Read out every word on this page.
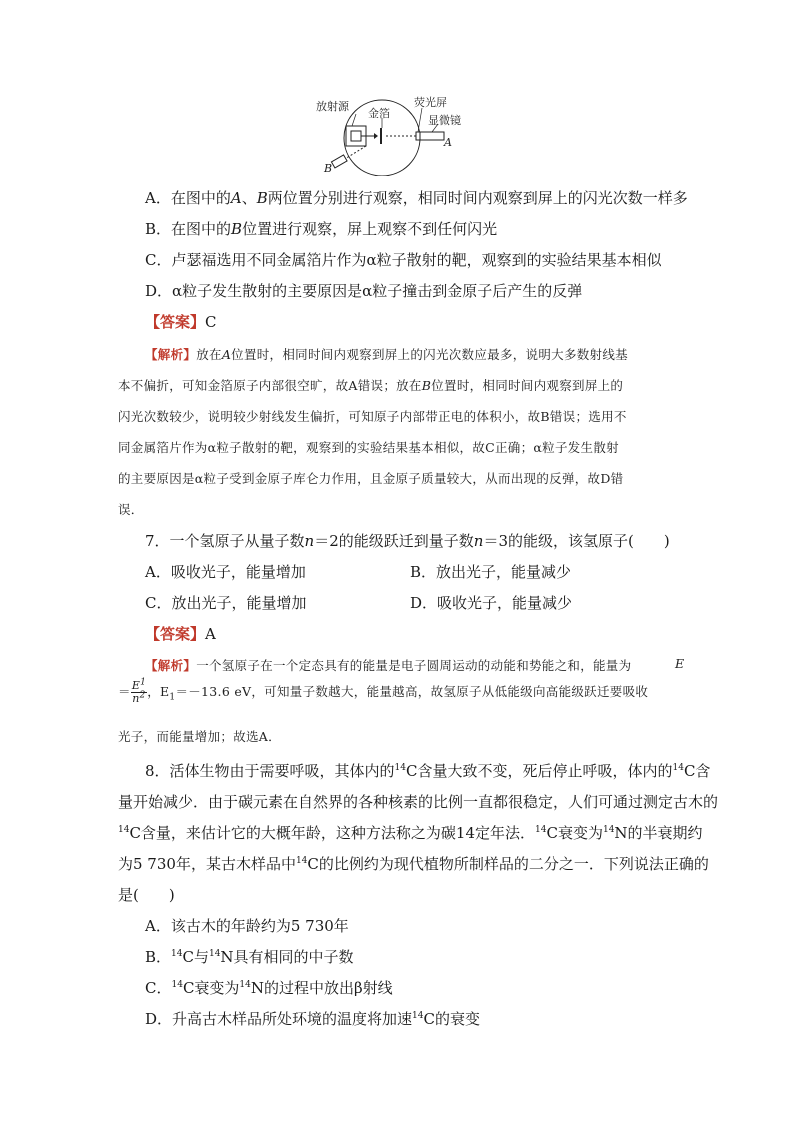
放射源
金箔
荧光屏
显微镜
A
B
A．在图中的A、B两位置分别进行观察，相同时间内观察到屏上的闪光次数一样多
B．在图中的B位置进行观察，屏上观察不到任何闪光
C．卢瑟福选用不同金属箔片作为α粒子散射的靶，观察到的实验结果基本相似
D．α粒子发生散射的主要原因是α粒子撞击到金原子后产生的反弹
【答案】C
【解析】放在A位置时，相同时间内观察到屏上的闪光次数应最多，说明大多数射线基
本不偏折，可知金箔原子内部很空旷，故A错误；放在B位置时，相同时间内观察到屏上的
闪光次数较少，说明较少射线发生偏折，可知原子内部带正电的体积小，故B错误；选用不
同金属箔片作为α粒子散射的靶，观察到的实验结果基本相似，故C正确；α粒子发生散射
的主要原因是α粒子受到金原子库仑力作用，且金原子质量较大，从而出现的反弹，故D错
误．
7．一个氢原子从量子数n＝2的能级跃迁到量子数n＝3的能级，该氢原子(　　)
A．吸收光子，能量增加	B．放出光子，能量减少
C．放出光子，能量增加	D．吸收光子，能量减少
【答案】A
【解析】一个氢原子在一个定态具有的能量是电子圆周运动的动能和势能之和，能量为	E
＝ $\frac{E^1}{n^2}$ ，$E_1=-13.6$ eV，可知量子数越大，能量越高，故氢原子从低能级向高能级跃迁要吸收
光子，而能量增加；故选A．
8．活体生物由于需要呼吸，其体内的$^{14}$C含量大致不变，死后停止呼吸，体内的$^{14}$C含
量开始减少．由于碳元素在自然界的各种核素的比例一直都很稳定，人们可通过测定古木的
$^{14}$C含量，来估计它的大概年龄，这种方法称之为碳14定年法．$^{14}$C衰变为$^{14}$N的半衰期约
为5 730年，某古木样品中$^{14}$C的比例约为现代植物所制样品的二分之一．下列说法正确的
是(　　)
A．该古木的年龄约为5 730年
B．$^{14}$C与$^{14}$N具有相同的中子数
C．$^{14}$C衰变为$^{14}$N的过程中放出β射线
D．升高古木样品所处环境的温度将加速$^{14}$C的衰变
